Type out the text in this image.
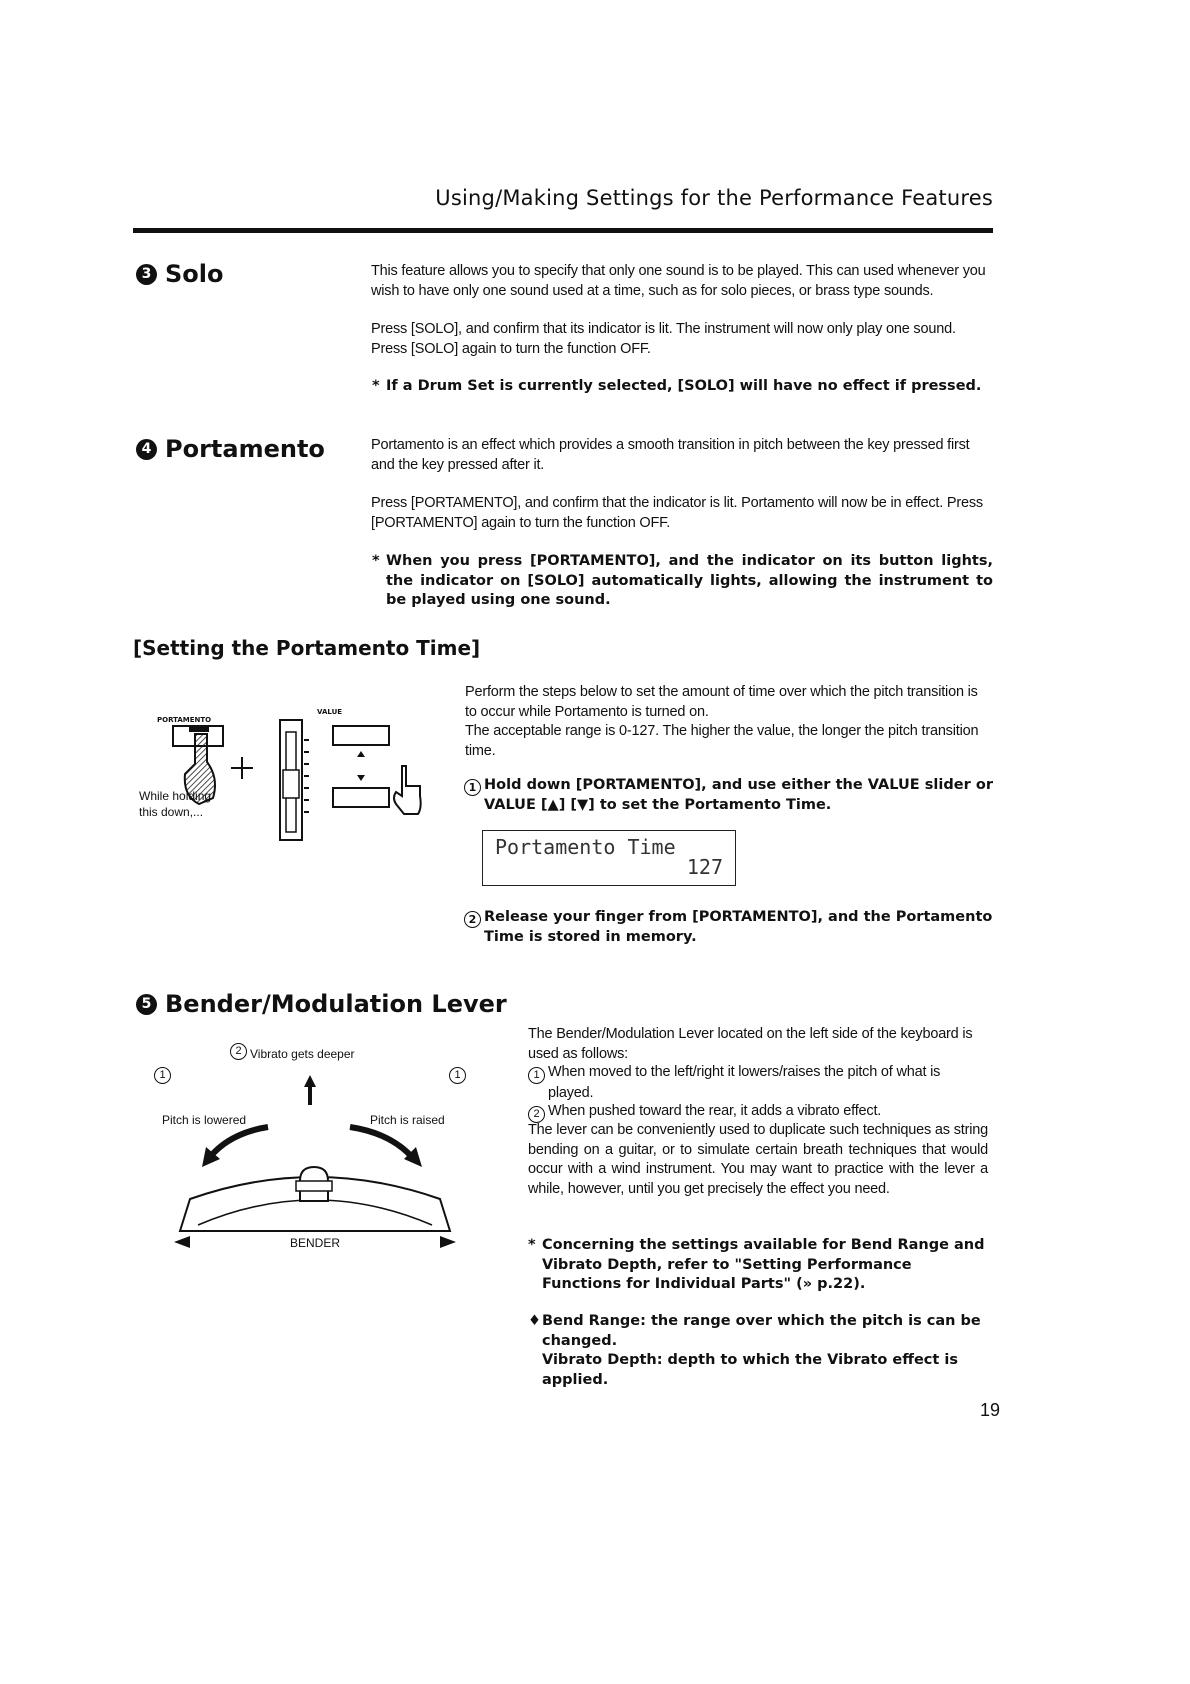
Using/Making Settings for the Performance Features
3 Solo	This feature allows you to specify that only one sound is to be played. This can used whenever you wish to have only one sound used at a time, such as for solo pieces, or brass type sounds.
Press [SOLO], and confirm that its indicator is lit. The instrument will now only play one sound. Press [SOLO] again to turn the function OFF.
* If a Drum Set is currently selected, [SOLO] will have no effect if pressed.
4 Portamento	Portamento is an effect which provides a smooth transition in pitch between the key pressed first and the key pressed after it.
Press [PORTAMENTO], and confirm that the indicator is lit. Portamento will now be in effect. Press [PORTAMENTO] again to turn the function OFF.
* When you press [PORTAMENTO], and the indicator on its button lights, the indicator on [SOLO] automatically lights, allowing the instrument to be played using one sound.
[Setting the Portamento Time]
Perform the steps below to set the amount of time over which the pitch transition is to occur while Portamento is turned on.
The acceptable range is 0-127. The higher the value, the longer the pitch transition time.
1 Hold down [PORTAMENTO], and use either the VALUE slider or VALUE [▲] [▼] to set the Portamento Time.
Portamento Time
127
2 Release your finger from [PORTAMENTO], and the Portamento Time is stored in memory.
PORTAMENTO
VALUE
While holding this down,...
5 Bender/Modulation Lever
The Bender/Modulation Lever located on the left side of the keyboard is used as follows:
1 When moved to the left/right it lowers/raises the pitch of what is played.
2 When pushed toward the rear, it adds a vibrato effect.
The lever can be conveniently used to duplicate such techniques as string bending on a guitar, or to simulate certain breath techniques that would occur with a wind instrument. You may want to practice with the lever a while, however, until you get precisely the effect you need.
* Concerning the settings available for Bend Range and Vibrato Depth, refer to "Setting Performance Functions for Individual Parts" (» p.22).
♦Bend Range: the range over which the pitch is can be changed.
Vibrato Depth: depth to which the Vibrato effect is applied.
2 Vibrato gets deeper
1	1
Pitch is lowered	Pitch is raised
BENDER
19
